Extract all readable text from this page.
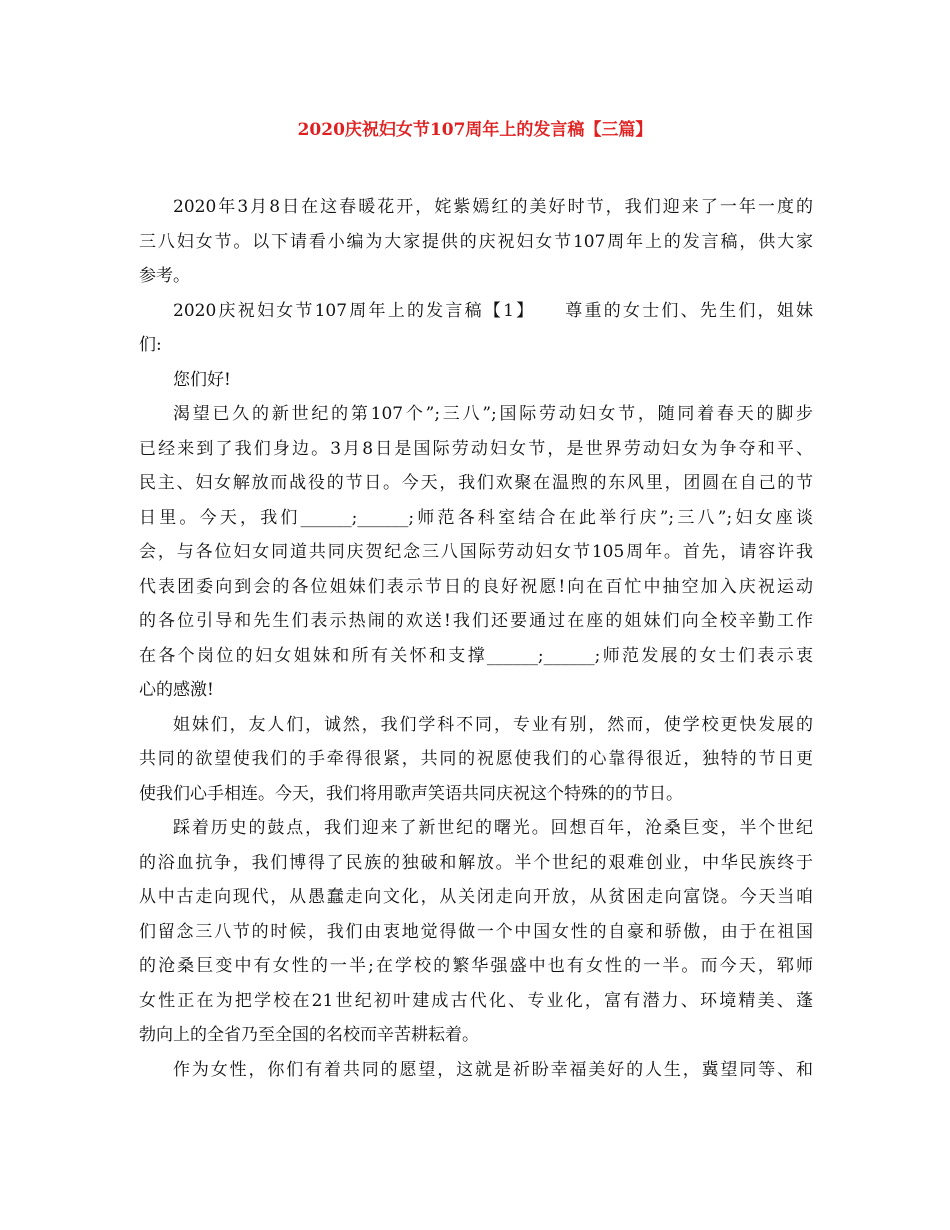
2020庆祝妇女节107周年上的发言稿【三篇】
2020年3月8日在这春暖花开，姹紫嫣红的美好时节，我们迎来了一年一度的
三八妇女节。以下请看小编为大家提供的庆祝妇女节107周年上的发言稿，供大家
参考。
2020庆祝妇女节107周年上的发言稿【1】　　尊重的女士们、先生们，姐妹
们:
您们好!
渴望已久的新世纪的第107个”;三八”;国际劳动妇女节，随同着春天的脚步
已经来到了我们身边。3月8日是国际劳动妇女节，是世界劳动妇女为争夺和平、
民主、妇女解放而战役的节日。今天，我们欢聚在温煦的东风里，团圆在自己的节
日里。今天，我们______;______;师范各科室结合在此举行庆”;三八”;妇女座谈
会，与各位妇女同道共同庆贺纪念三八国际劳动妇女节105周年。首先，请容许我
代表团委向到会的各位姐妹们表示节日的良好祝愿!向在百忙中抽空加入庆祝运动
的各位引导和先生们表示热闹的欢送!我们还要通过在座的姐妹们向全校辛勤工作
在各个岗位的妇女姐妹和所有关怀和支撑______;______;师范发展的女士们表示衷
心的感激!
姐妹们，友人们，诚然，我们学科不同，专业有别，然而，使学校更快发展的
共同的欲望使我们的手牵得很紧，共同的祝愿使我们的心靠得很近，独特的节日更
使我们心手相连。今天，我们将用歌声笑语共同庆祝这个特殊的的节日。
踩着历史的鼓点，我们迎来了新世纪的曙光。回想百年，沧桑巨变，半个世纪
的浴血抗争，我们博得了民族的独破和解放。半个世纪的艰难创业，中华民族终于
从中古走向现代，从愚蠢走向文化，从关闭走向开放，从贫困走向富饶。今天当咱
们留念三八节的时候，我们由衷地觉得做一个中国女性的自豪和骄傲，由于在祖国
的沧桑巨变中有女性的一半;在学校的繁华强盛中也有女性的一半。而今天，郓师
女性正在为把学校在21世纪初叶建成古代化、专业化，富有潜力、环境精美、蓬
勃向上的全省乃至全国的名校而辛苦耕耘着。
作为女性，你们有着共同的愿望，这就是祈盼幸福美好的人生，冀望同等、和
